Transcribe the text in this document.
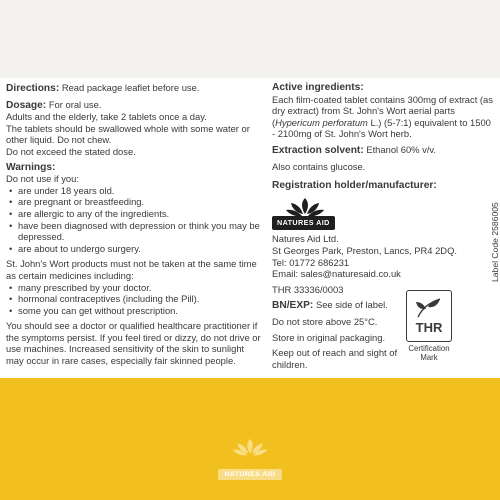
Directions: Read package leaflet before use.

Dosage: For oral use.

Adults and the elderly, take 2 tablets once a day.

The tablets should be swallowed whole with some water or other liquid. Do not chew.

Do not exceed the stated dose.

Warnings:

Do not use if you:

• are under 18 years old.
• are pregnant or breastfeeding.
• are allergic to any of the ingredients.
• have been diagnosed with depression or think you may be depressed.
• are about to undergo surgery.

St. John's Wort products must not be taken at the same time as certain medicines including:

• many prescribed by your doctor.
• hormonal contraceptives (including the Pill).
• some you can get without prescription.

You should see a doctor or qualified healthcare practitioner if the symptoms persist. If you feel tired or dizzy, do not drive or use machines. Increased sensitivity of the skin to sunlight may occur in rare cases, especially fair skinned people.

Active ingredients:

Each film-coated tablet contains 300mg of extract (as dry extract) from St. John's Wort aerial parts (Hypericum perforatum L.) (5-7:1) equivalent to 1500 - 2100mg of St. John's Wort herb.

Extraction solvent: Ethanol 60% v/v.

Also contains glucose.

Registration holder/manufacturer:

NATURES AID

Natures Aid Ltd.

St Georges Park, Preston, Lancs, PR4 2DQ.

Tel: 01772 686231

Email: sales@naturesaid.co.uk

THR 33336/0003

BN/EXP: See side of label.

Do not store above 25°C.

Store in original packaging.

Keep out of reach and sight of children.

THR
Certification Mark
Label Code 2586005

NATURES AID
